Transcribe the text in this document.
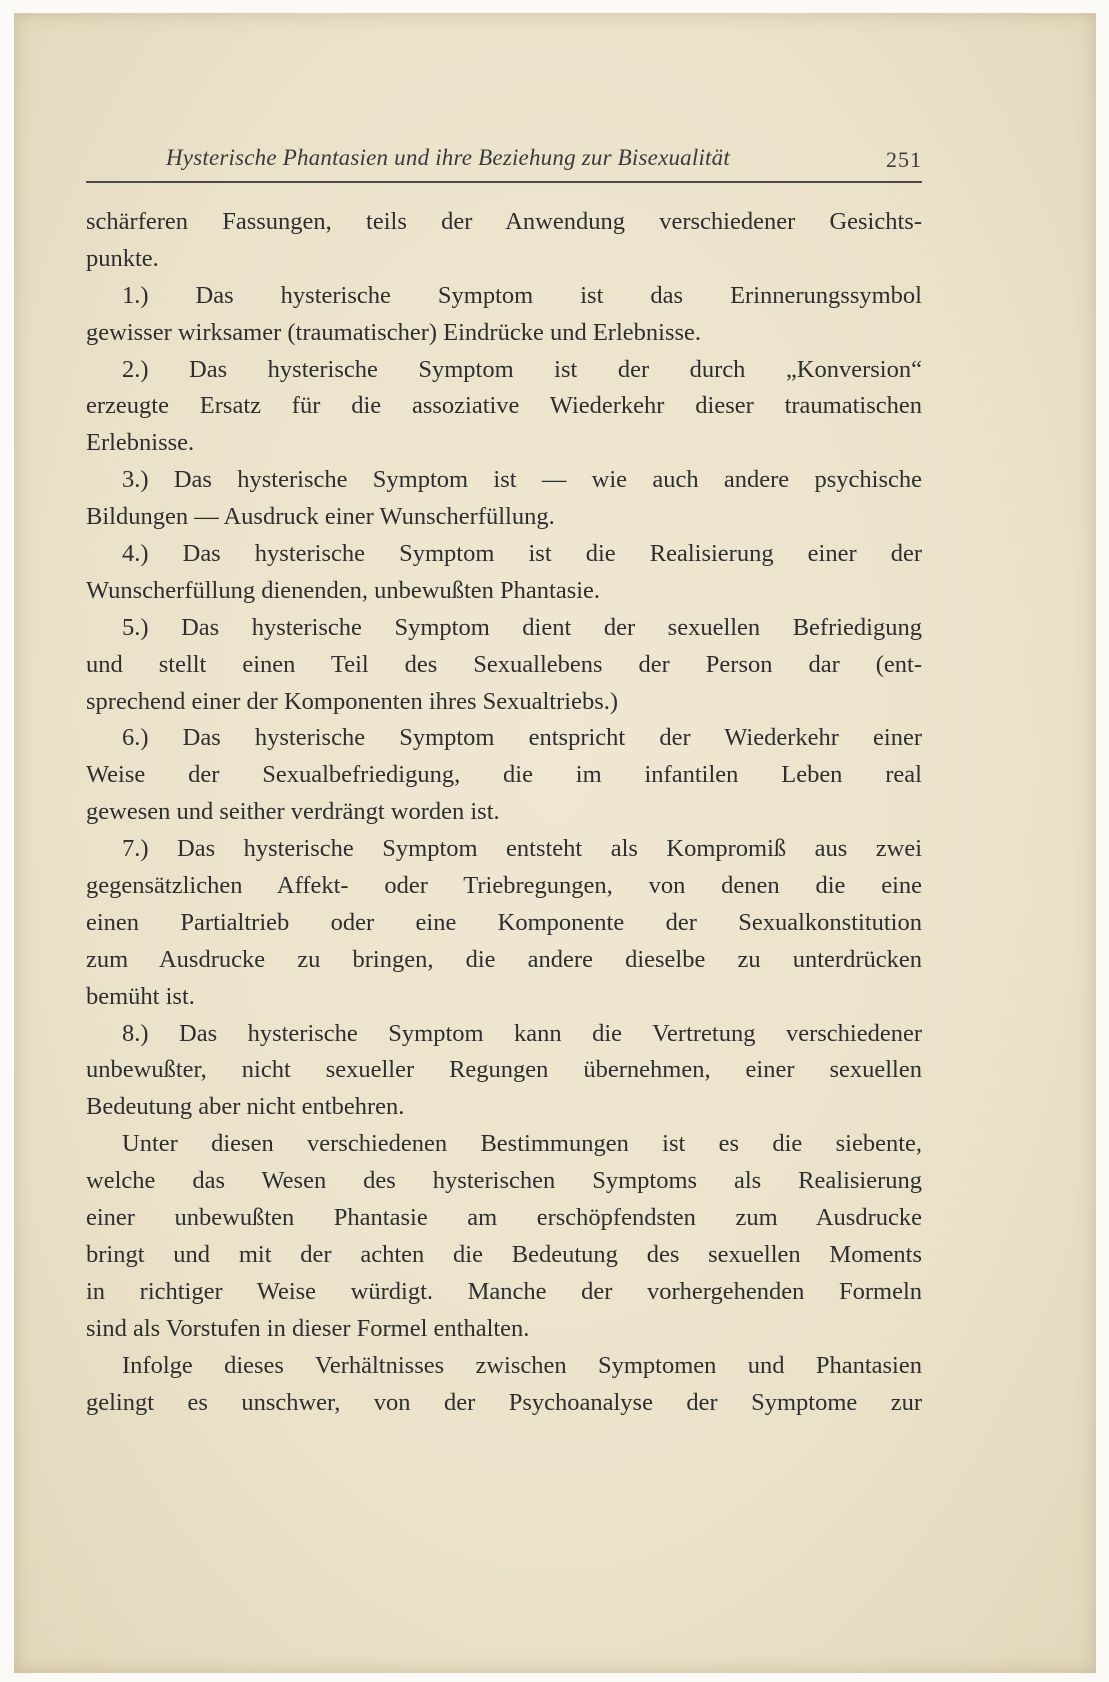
Hysterische Phantasien und ihre Beziehung zur Bisexualität	251
schärferen Fassungen, teils der Anwendung verschiedener Gesichts-
punkte.
1.) Das hysterische Symptom ist das Erinnerungssymbol
gewisser wirksamer (traumatischer) Eindrücke und Erlebnisse.
2.) Das hysterische Symptom ist der durch „Konversion“
erzeugte Ersatz für die assoziative Wiederkehr dieser traumatischen
Erlebnisse.
3.) Das hysterische Symptom ist — wie auch andere psychische
Bildungen — Ausdruck einer Wunscherfüllung.
4.) Das hysterische Symptom ist die Realisierung einer der
Wunscherfüllung dienenden, unbewußten Phantasie.
5.) Das hysterische Symptom dient der sexuellen Befriedigung
und stellt einen Teil des Sexuallebens der Person dar (ent-
sprechend einer der Komponenten ihres Sexualtriebs.)
6.) Das hysterische Symptom entspricht der Wiederkehr einer
Weise der Sexualbefriedigung, die im infantilen Leben real
gewesen und seither verdrängt worden ist.
7.) Das hysterische Symptom entsteht als Kompromiß aus zwei
gegensätzlichen Affekt- oder Triebregungen, von denen die eine
einen Partialtrieb oder eine Komponente der Sexualkonstitution
zum Ausdrucke zu bringen, die andere dieselbe zu unterdrücken
bemüht ist.
8.) Das hysterische Symptom kann die Vertretung verschiedener
unbewußter, nicht sexueller Regungen übernehmen, einer sexuellen
Bedeutung aber nicht entbehren.
Unter diesen verschiedenen Bestimmungen ist es die siebente,
welche das Wesen des hysterischen Symptoms als Realisierung
einer unbewußten Phantasie am erschöpfendsten zum Ausdrucke
bringt und mit der achten die Bedeutung des sexuellen Moments
in richtiger Weise würdigt. Manche der vorhergehenden Formeln
sind als Vorstufen in dieser Formel enthalten.
Infolge dieses Verhältnisses zwischen Symptomen und Phantasien
gelingt es unschwer, von der Psychoanalyse der Symptome zur
